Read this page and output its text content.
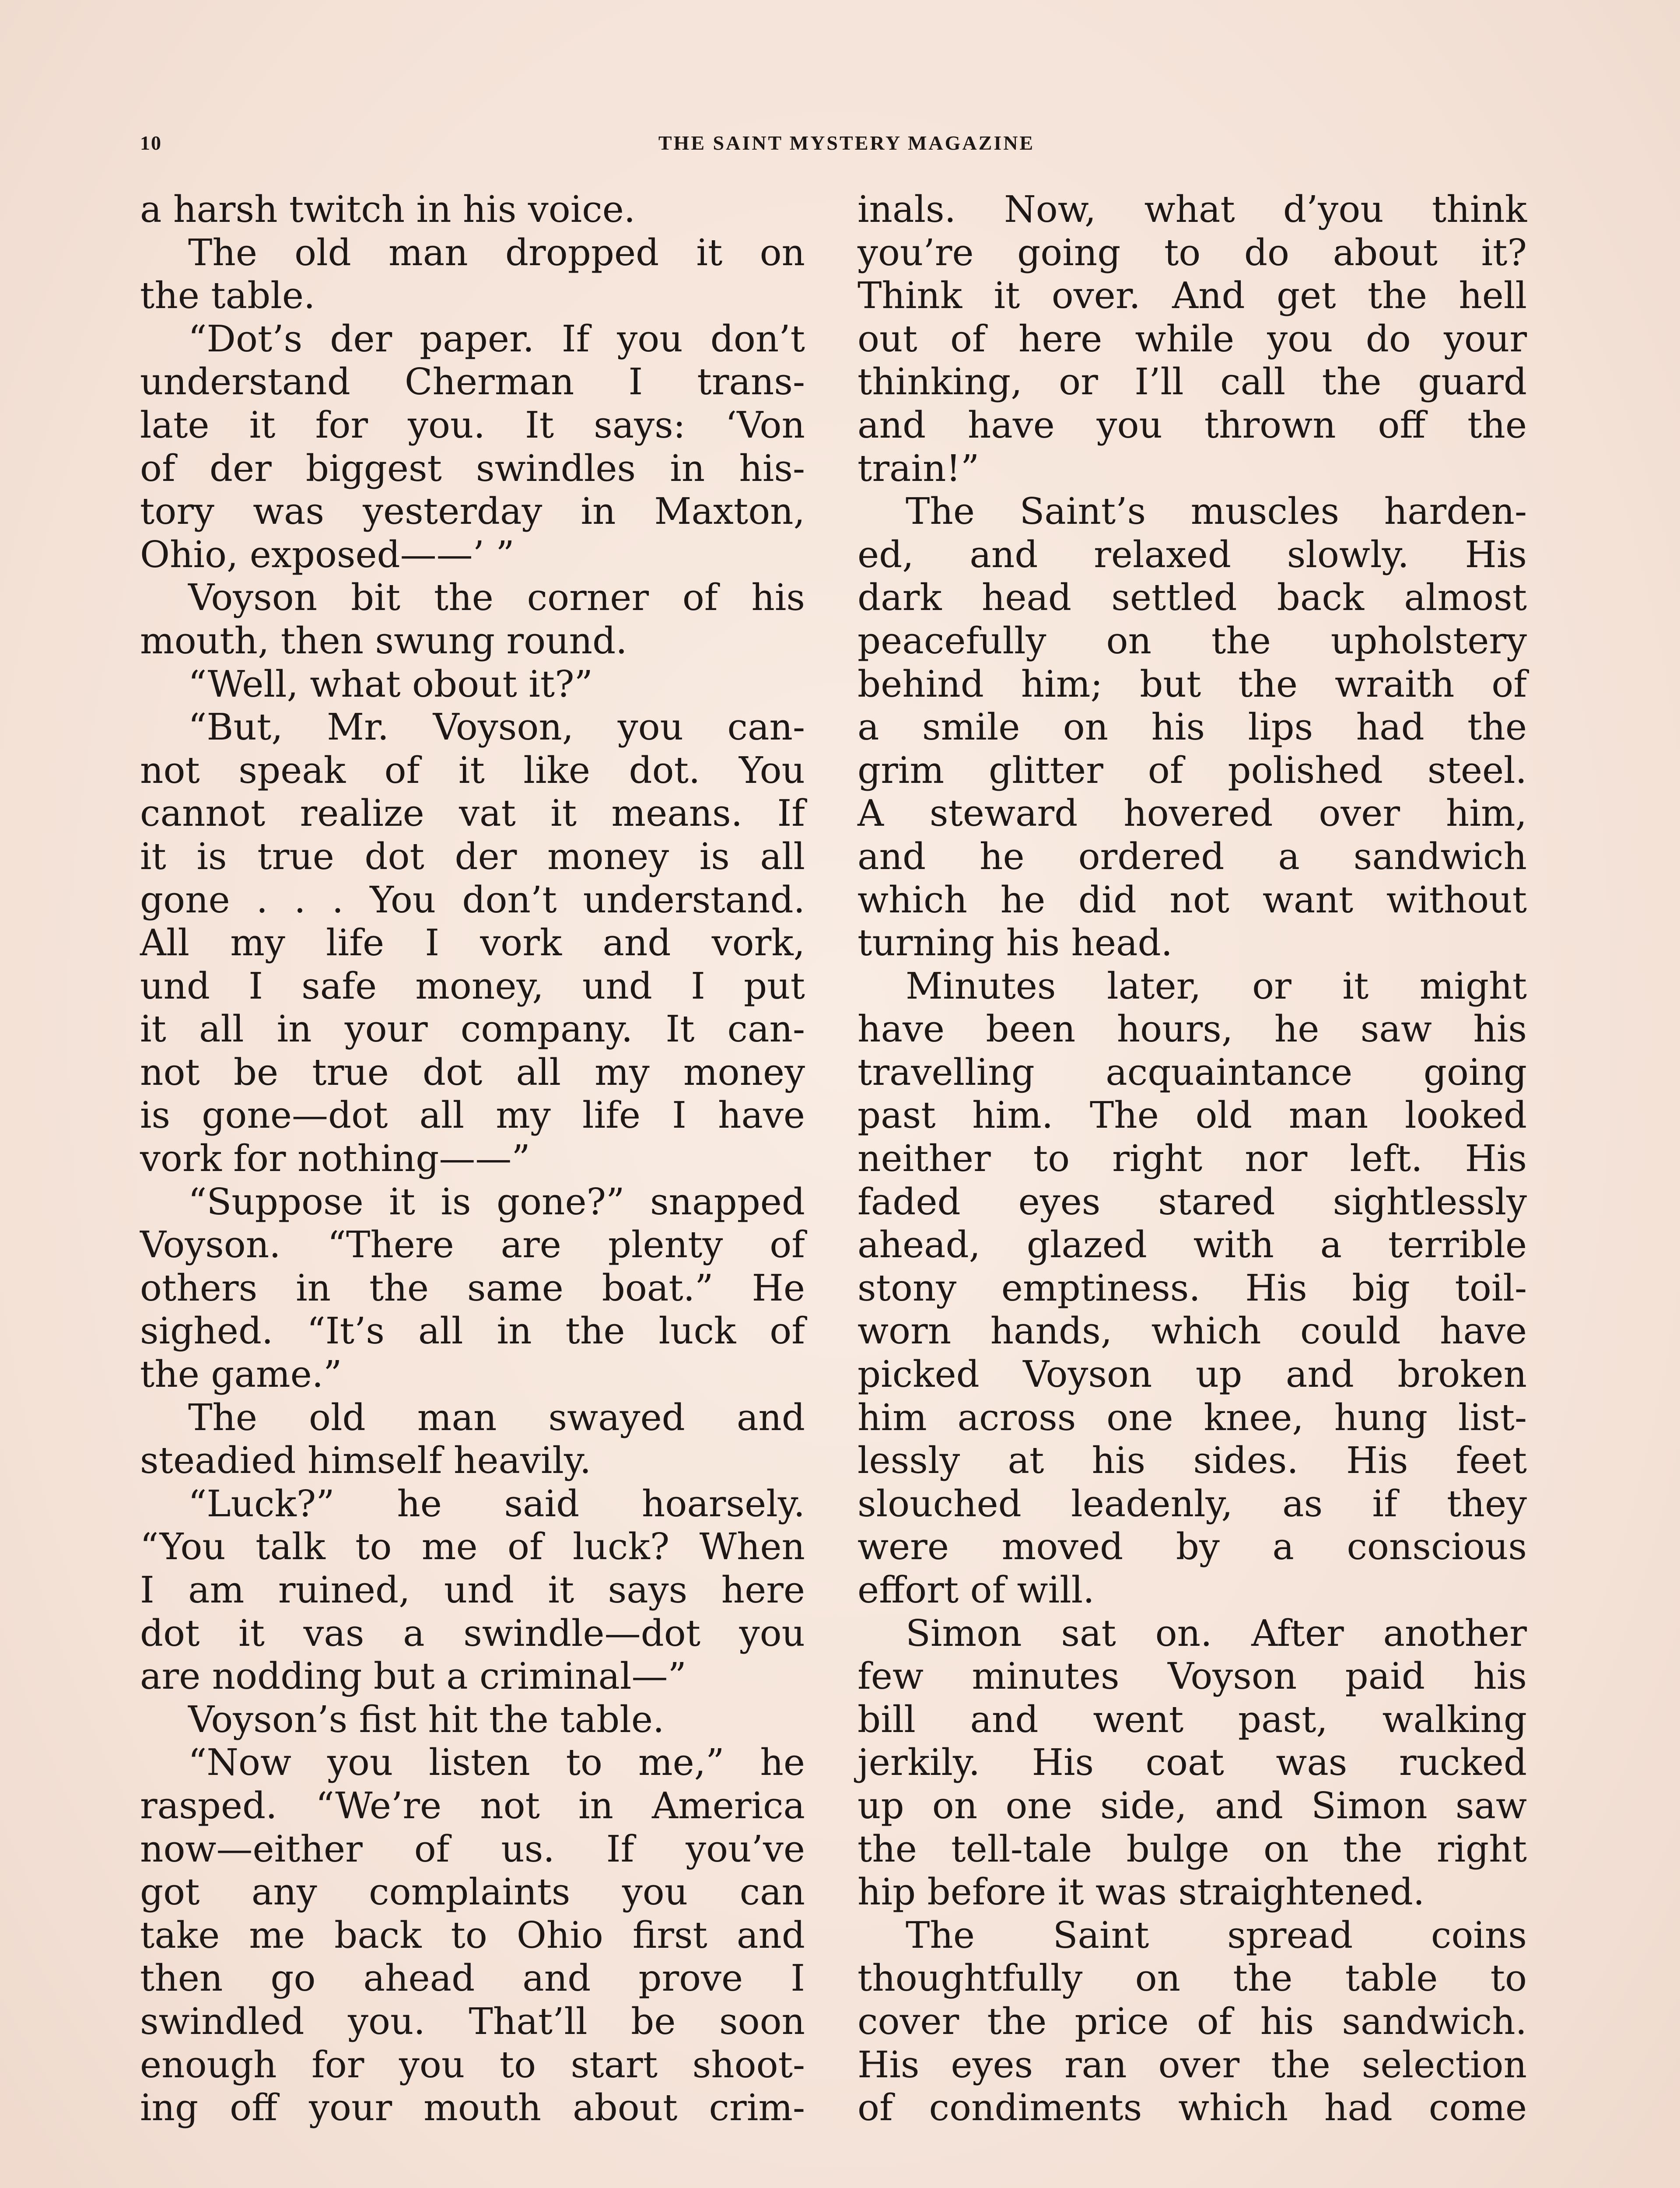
10	THE SAINT MYSTERY MAGAZINE
a harsh twitch in his voice.
The old man dropped it on
the table.
“Dot’s der paper. If you don’t
understand Cherman I trans-
late it for you. It says: ‘Von
of der biggest swindles in his-
tory was yesterday in Maxton,
Ohio, exposed——’ ”
Voyson bit the corner of his
mouth, then swung round.
“Well, what obout it?”
“But, Mr. Voyson, you can-
not speak of it like dot. You
cannot realize vat it means. If
it is true dot der money is all
gone . . . You don’t understand.
All my life I vork and vork,
und I safe money, und I put
it all in your company. It can-
not be true dot all my money
is gone—dot all my life I have
vork for nothing——”
“Suppose it is gone?” snapped
Voyson. “There are plenty of
others in the same boat.” He
sighed. “It’s all in the luck of
the game.”
The old man swayed and
steadied himself heavily.
“Luck?” he said hoarsely.
“You talk to me of luck? When
I am ruined, und it says here
dot it vas a swindle—dot you
are nodding but a criminal—”
Voyson’s fist hit the table.
“Now you listen to me,” he
rasped. “We’re not in America
now—either of us. If you’ve
got any complaints you can
take me back to Ohio first and
then go ahead and prove I
swindled you. That’ll be soon
enough for you to start shoot-
ing off your mouth about crim-
inals. Now, what d’you think
you’re going to do about it?
Think it over. And get the hell
out of here while you do your
thinking, or I’ll call the guard
and have you thrown off the
train!”
The Saint’s muscles harden-
ed, and relaxed slowly. His
dark head settled back almost
peacefully on the upholstery
behind him; but the wraith of
a smile on his lips had the
grim glitter of polished steel.
A steward hovered over him,
and he ordered a sandwich
which he did not want without
turning his head.
Minutes later, or it might
have been hours, he saw his
travelling acquaintance going
past him. The old man looked
neither to right nor left. His
faded eyes stared sightlessly
ahead, glazed with a terrible
stony emptiness. His big toil-
worn hands, which could have
picked Voyson up and broken
him across one knee, hung list-
lessly at his sides. His feet
slouched leadenly, as if they
were moved by a conscious
effort of will.
Simon sat on. After another
few minutes Voyson paid his
bill and went past, walking
jerkily. His coat was rucked
up on one side, and Simon saw
the tell-tale bulge on the right
hip before it was straightened.
The Saint spread coins
thoughtfully on the table to
cover the price of his sandwich.
His eyes ran over the selection
of condiments which had come
